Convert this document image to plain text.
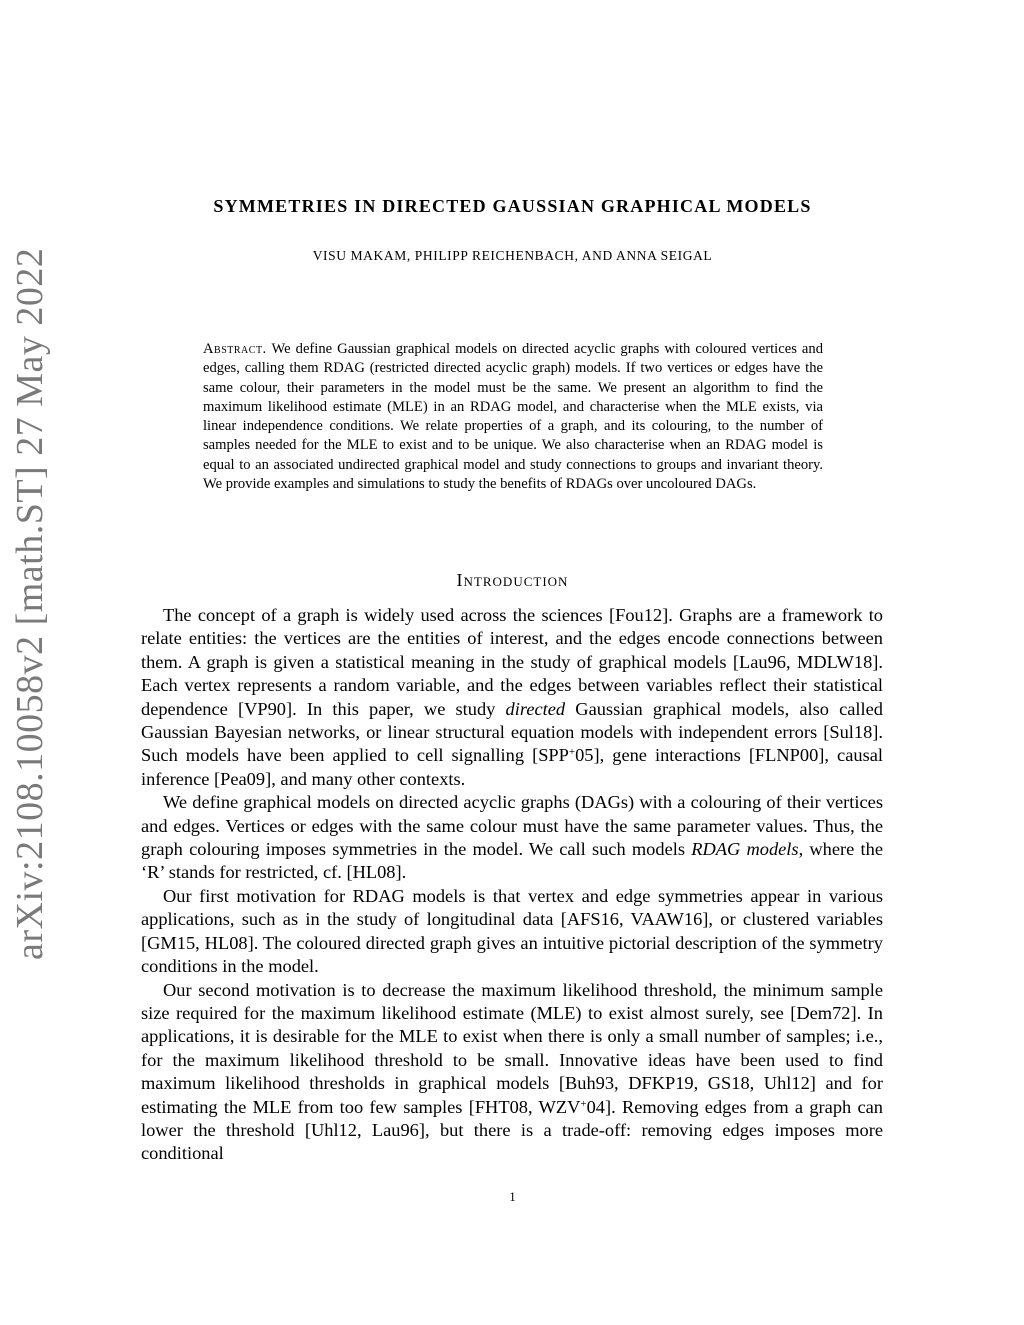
arXiv:2108.10058v2 [math.ST] 27 May 2022
SYMMETRIES IN DIRECTED GAUSSIAN GRAPHICAL MODELS
VISU MAKAM, PHILIPP REICHENBACH, AND ANNA SEIGAL
Abstract. We define Gaussian graphical models on directed acyclic graphs with coloured vertices and edges, calling them RDAG (restricted directed acyclic graph) models. If two vertices or edges have the same colour, their parameters in the model must be the same. We present an algorithm to find the maximum likelihood estimate (MLE) in an RDAG model, and characterise when the MLE exists, via linear independence conditions. We relate properties of a graph, and its colouring, to the number of samples needed for the MLE to exist and to be unique. We also characterise when an RDAG model is equal to an associated undirected graphical model and study connections to groups and invariant theory. We provide examples and simulations to study the benefits of RDAGs over uncoloured DAGs.
Introduction

The concept of a graph is widely used across the sciences [Fou12]. Graphs are a framework to relate entities: the vertices are the entities of interest, and the edges encode connections between them. A graph is given a statistical meaning in the study of graphical models [Lau96, MDLW18]. Each vertex represents a random variable, and the edges between variables reflect their statistical dependence [VP90]. In this paper, we study directed Gaussian graphical models, also called Gaussian Bayesian networks, or linear structural equation models with independent errors [Sul18]. Such models have been applied to cell signalling [SPP+05], gene interactions [FLNP00], causal inference [Pea09], and many other contexts.

We define graphical models on directed acyclic graphs (DAGs) with a colouring of their vertices and edges. Vertices or edges with the same colour must have the same parameter values. Thus, the graph colouring imposes symmetries in the model. We call such models RDAG models, where the ‘R’ stands for restricted, cf. [HL08].

Our first motivation for RDAG models is that vertex and edge symmetries appear in various applications, such as in the study of longitudinal data [AFS16, VAAW16], or clustered variables [GM15, HL08]. The coloured directed graph gives an intuitive pictorial description of the symmetry conditions in the model.

Our second motivation is to decrease the maximum likelihood threshold, the minimum sample size required for the maximum likelihood estimate (MLE) to exist almost surely, see [Dem72]. In applications, it is desirable for the MLE to exist when there is only a small number of samples; i.e., for the maximum likelihood threshold to be small. Innovative ideas have been used to find maximum likelihood thresholds in graphical models [Buh93, DFKP19, GS18, Uhl12] and for estimating the MLE from too few samples [FHT08, WZV+04]. Removing edges from a graph can lower the threshold [Uhl12, Lau96], but there is a trade-off: removing edges imposes more conditional

1
